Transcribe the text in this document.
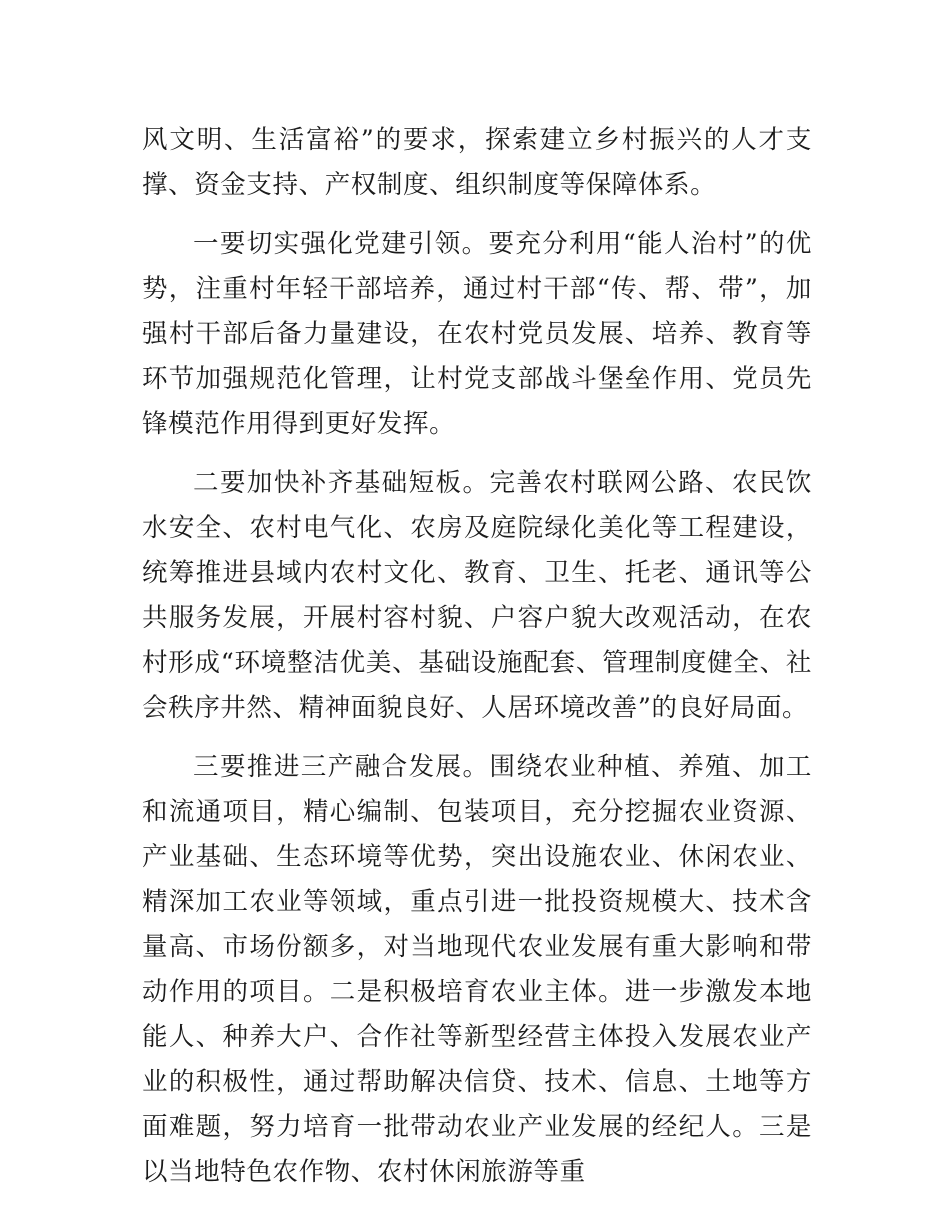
风文明、生活富裕”的要求，探索建立乡村振兴的人才支撑、资金支持、产权制度、组织制度等保障体系。

一要切实强化党建引领。要充分利用“能人治村”的优势，注重村年轻干部培养，通过村干部“传、帮、带”，加强村干部后备力量建设，在农村党员发展、培养、教育等环节加强规范化管理，让村党支部战斗堡垒作用、党员先锋模范作用得到更好发挥。

二要加快补齐基础短板。完善农村联网公路、农民饮水安全、农村电气化、农房及庭院绿化美化等工程建设，统筹推进县域内农村文化、教育、卫生、托老、通讯等公共服务发展，开展村容村貌、户容户貌大改观活动，在农村形成“环境整洁优美、基础设施配套、管理制度健全、社会秩序井然、精神面貌良好、人居环境改善”的良好局面。

三要推进三产融合发展。围绕农业种植、养殖、加工和流通项目，精心编制、包装项目，充分挖掘农业资源、产业基础、生态环境等优势，突出设施农业、休闲农业、精深加工农业等领域，重点引进一批投资规模大、技术含量高、市场份额多，对当地现代农业发展有重大影响和带动作用的项目。二是积极培育农业主体。进一步激发本地能人、种养大户、合作社等新型经营主体投入发展农业产业的积极性，通过帮助解决信贷、技术、信息、土地等方面难题，努力培育一批带动农业产业发展的经纪人。三是以当地特色农作物、农村休闲旅游等重
